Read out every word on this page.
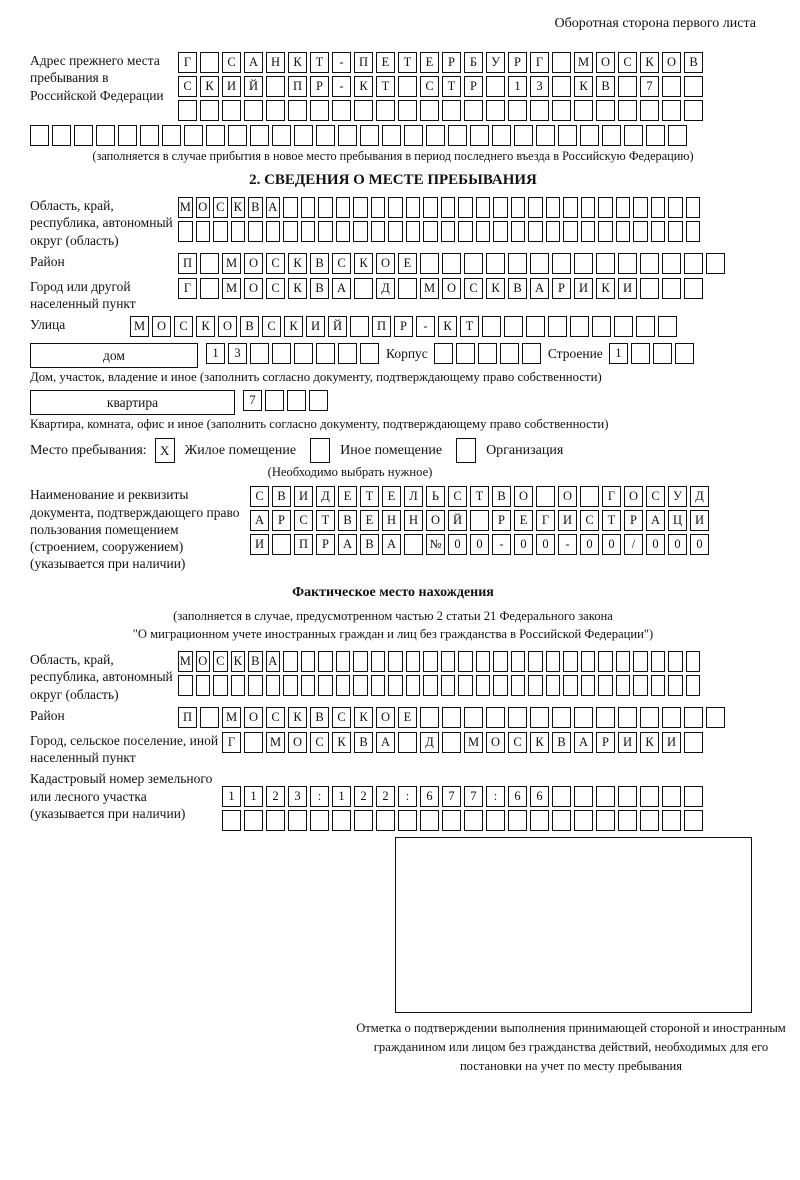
Оборотная сторона первого листа
Адрес прежнего места пребывания в Российской Федерации
Г	С	А	Н	К	Т	-	П	Е	Т	Е	Р	Б	У	Р	Г	М О	С	К	О	В
С	К	И	Й	П	Р	-	К	Т	С	Т	Р	1	3	К	В	7
(заполняется в случае прибытия в новое место пребывания в период последнего въезда в Российскую Федерацию)
2. СВЕДЕНИЯ О МЕСТЕ ПРЕБЫВАНИЯ
Область, край, республика, автономный округ (область)
М О С К В А
Район	П	М О	С	К	В	С	К	О	Е
Город или другой населенный пункт
Г	М О	С	К	В	А	Д	М О	С	К	В	А	Р	И	К	И
Улица	М О	С	К	О	В	С	К	И	Й	П	Р	-	К	Т
дом	1	3	Корпус	Строение 1
Дом, участок, владение и иное (заполнить согласно документу, подтверждающему право собственности)
квартира	7
Квартира, комната, офис и иное (заполнить согласно документу, подтверждающему право собственности)
Место пребывания:	X	Жилое помещение	Иное помещение	Организация
(Необходимо выбрать нужное)
Наименование и реквизиты документа, подтверждающего право пользования помещением (строением, сооружением) (указывается при наличии)
С	В	И	Д	Е	Т	Е	Л	Ь	С	Т	В	О	О	Г	О	С	У	Д
А	Р	С	Т	В	Е	Н	Н	О	Й	Р	Е	Г	И	С	Т	Р	А	Ц	И
И	П	Р	А	В	А	№	0	0	-	0	0	-	0	0	/	0	0	0
Фактическое место нахождения
(заполняется в случае, предусмотренном частью 2 статьи 21 Федерального закона
"О миграционном учете иностранных граждан и лиц без гражданства в Российской Федерации")
Область, край, республика, автономный округ (область)
М О С К В А
Район	П	М О	С	К	В	С	К	О	Е
Город, сельское поселение, иной населенный пункт
Г	М О	С	К	В	А	Д	М О	С	К	В	А	Р	И	К	И
Кадастровый номер земельного или лесного участка (указывается при наличии)
1	1	2	3	:	1	2	2	:	6	7	7	:	6	6
Отметка о подтверждении выполнения принимающей стороной и иностранным гражданином или лицом без гражданства действий, необходимых для его постановки на учет по месту пребывания
